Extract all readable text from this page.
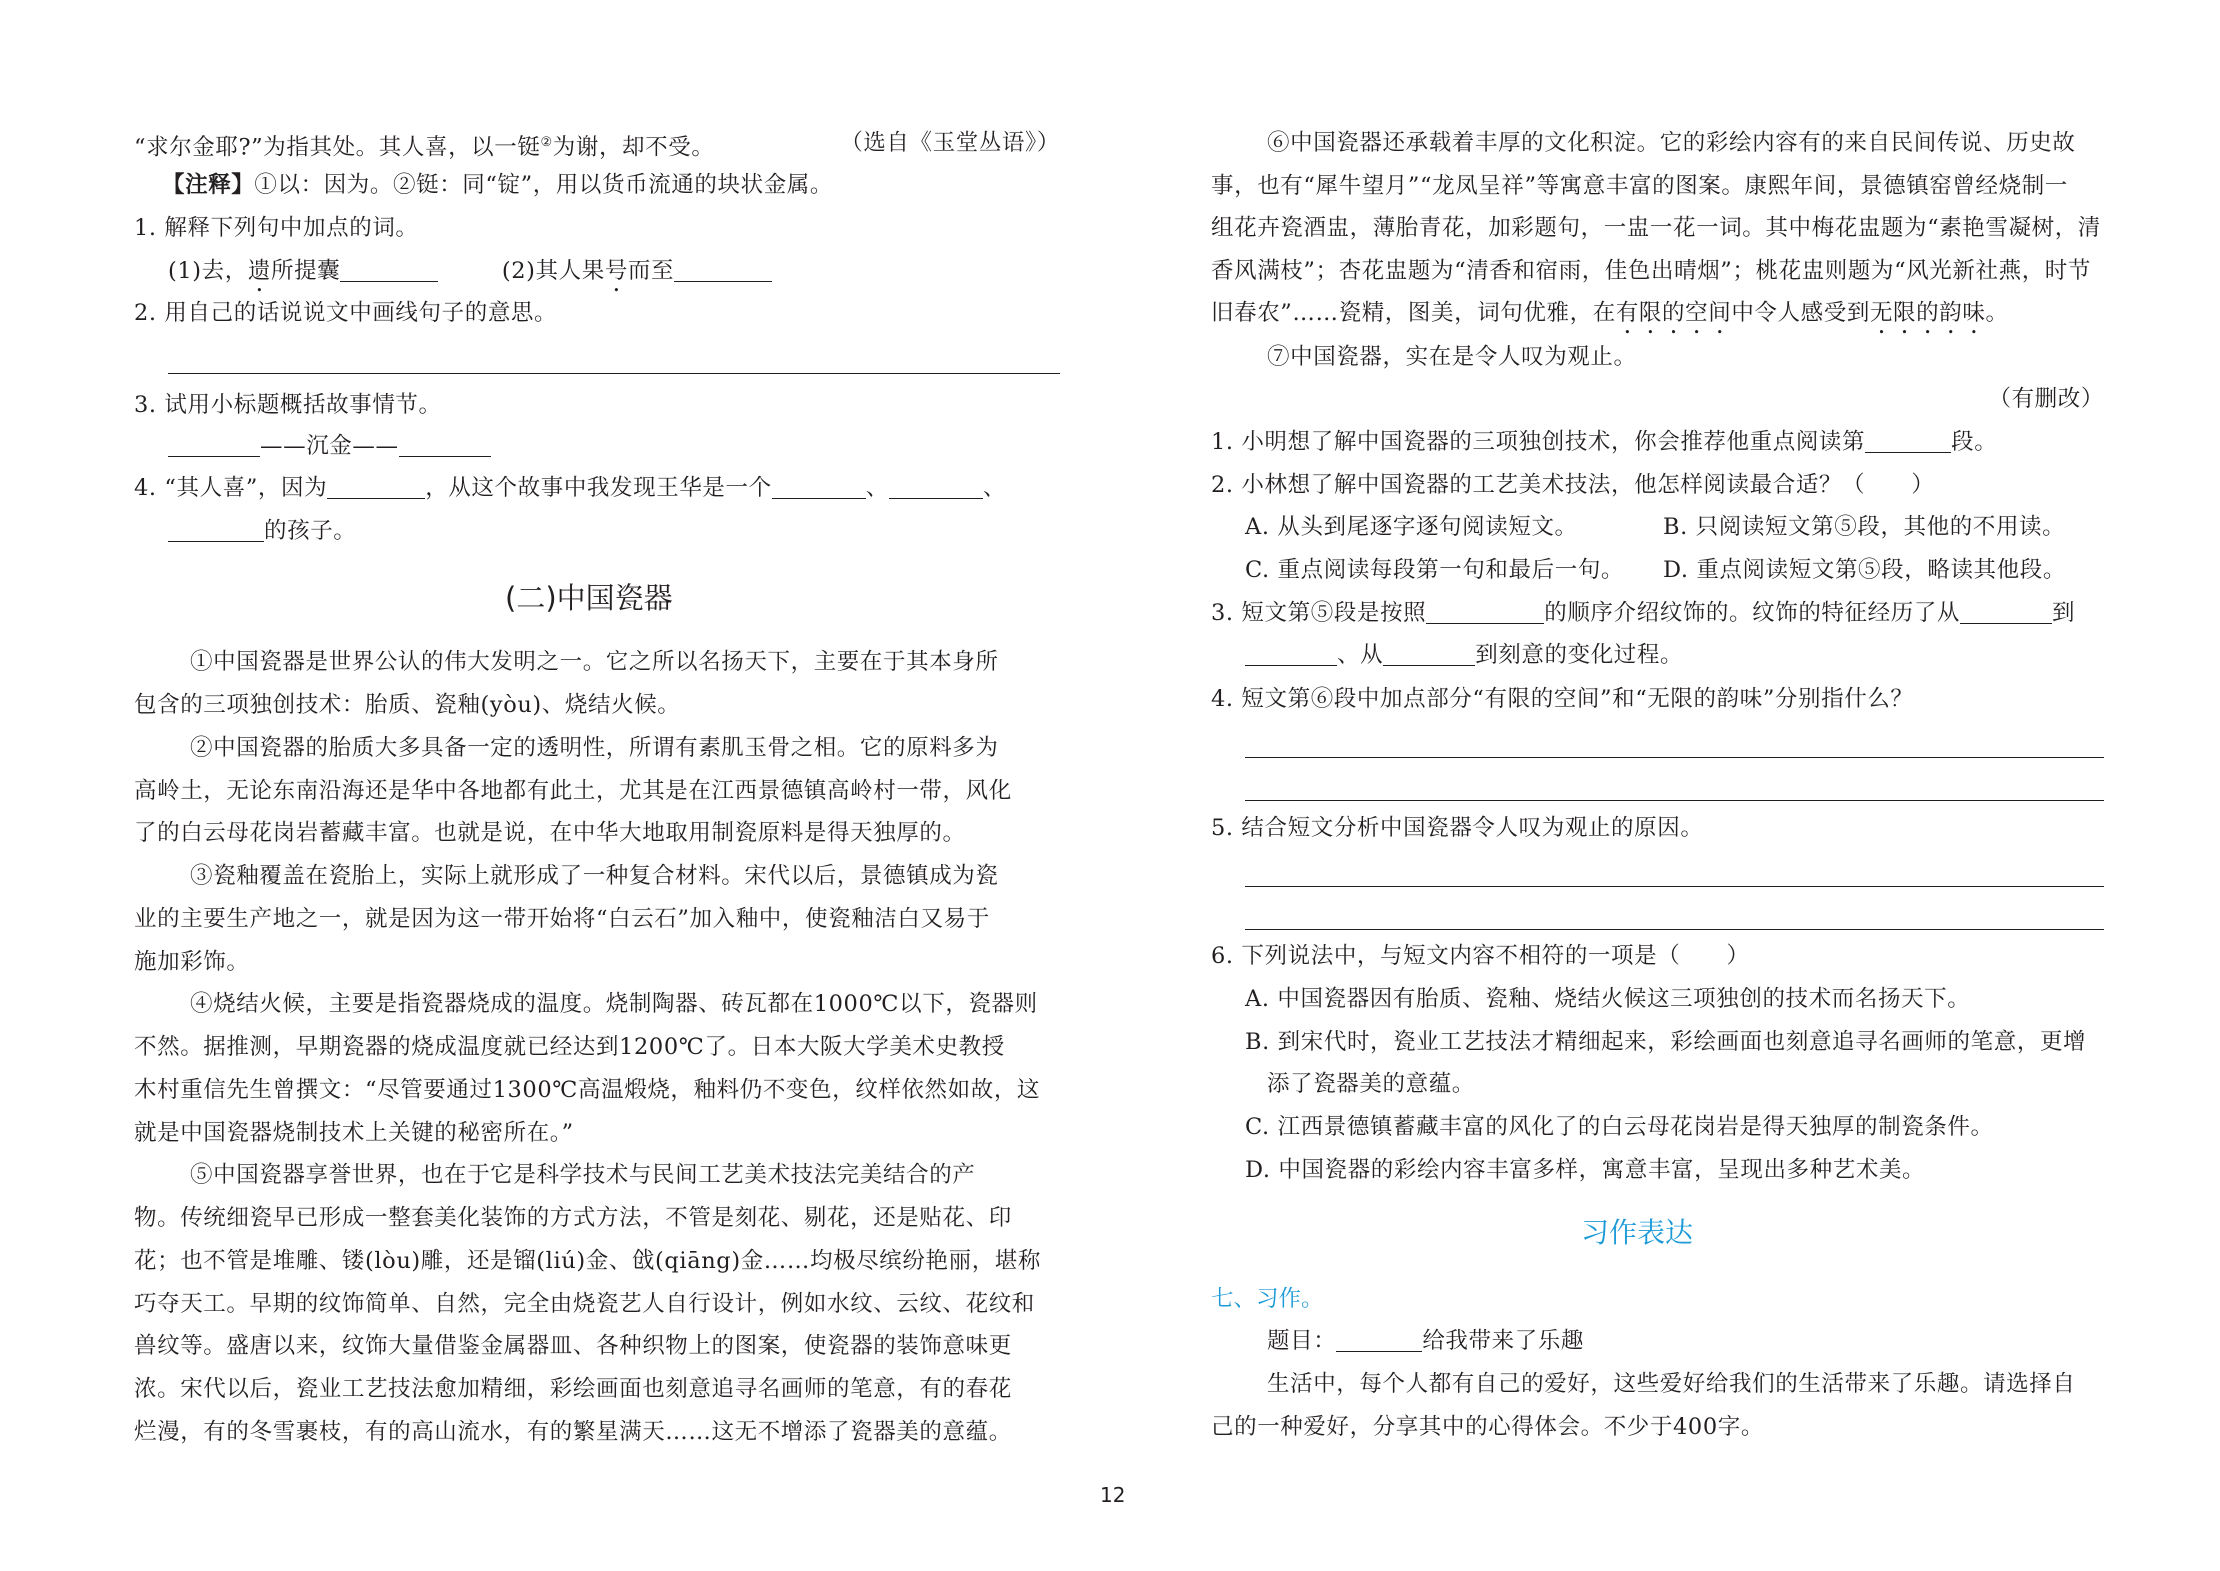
“求尔金耶?”为指其处。其人喜，以一铤②为谢，却不受。	（选自《玉堂丛语》）
【注释】①以：因为。②铤：同“锭”，用以货币流通的块状金属。
1. 解释下列句中加点的词。
(1)去，遗所提囊	(2)其人果号而至
2. 用自己的话说说文中画线句子的意思。
3. 试用小标题概括故事情节。
——沉金——
4. “其人喜”，因为	，从这个故事中我发现王华是一个	、	、
的孩子。
(二)中国瓷器
①中国瓷器是世界公认的伟大发明之一。它之所以名扬天下，主要在于其本身所
包含的三项独创技术：胎质、瓷釉(yòu)、烧结火候。
②中国瓷器的胎质大多具备一定的透明性，所谓有素肌玉骨之相。它的原料多为
高岭土，无论东南沿海还是华中各地都有此土，尤其是在江西景德镇高岭村一带，风化
了的白云母花岗岩蓄藏丰富。也就是说，在中华大地取用制瓷原料是得天独厚的。
③瓷釉覆盖在瓷胎上，实际上就形成了一种复合材料。宋代以后，景德镇成为瓷
业的主要生产地之一，就是因为这一带开始将“白云石”加入釉中，使瓷釉洁白又易于
施加彩饰。
④烧结火候，主要是指瓷器烧成的温度。烧制陶器、砖瓦都在1000℃以下，瓷器则
不然。据推测，早期瓷器的烧成温度就已经达到1200℃了。日本大阪大学美术史教授
木村重信先生曾撰文：“尽管要通过1300℃高温煅烧，釉料仍不变色，纹样依然如故，这
就是中国瓷器烧制技术上关键的秘密所在。”
⑤中国瓷器享誉世界，也在于它是科学技术与民间工艺美术技法完美结合的产
物。传统细瓷早已形成一整套美化装饰的方式方法，不管是刻花、剔花，还是贴花、印
花；也不管是堆雕、镂(lòu)雕，还是镏(liú)金、戗(qiāng)金……均极尽缤纷艳丽，堪称
巧夺天工。早期的纹饰简单、自然，完全由烧瓷艺人自行设计，例如水纹、云纹、花纹和
兽纹等。盛唐以来，纹饰大量借鉴金属器皿、各种织物上的图案，使瓷器的装饰意味更
浓。宋代以后，瓷业工艺技法愈加精细，彩绘画面也刻意追寻名画师的笔意，有的春花
烂漫，有的冬雪裹枝，有的高山流水，有的繁星满天……这无不增添了瓷器美的意蕴。
⑥中国瓷器还承载着丰厚的文化积淀。它的彩绘内容有的来自民间传说、历史故
事，也有“犀牛望月”“龙凤呈祥”等寓意丰富的图案。康熙年间，景德镇窑曾经烧制一
组花卉瓷酒盅，薄胎青花，加彩题句，一盅一花一词。其中梅花盅题为“素艳雪凝树，清
香风满枝”；杏花盅题为“清香和宿雨，佳色出晴烟”；桃花盅则题为“风光新社燕，时节
旧春农”……瓷精，图美，词句优雅，在有限的空间中令人感受到无限的韵味。
⑦中国瓷器，实在是令人叹为观止。
（有删改）
1. 小明想了解中国瓷器的三项独创技术，你会推荐他重点阅读第	段。
2. 小林想了解中国瓷器的工艺美术技法，他怎样阅读最合适？（　　）
A. 从头到尾逐字逐句阅读短文。	B. 只阅读短文第⑤段，其他的不用读。
C. 重点阅读每段第一句和最后一句。 D. 重点阅读短文第⑤段，略读其他段。
3. 短文第⑤段是按照	的顺序介绍纹饰的。纹饰的特征经历了从	到
、从	到刻意的变化过程。
4. 短文第⑥段中加点部分“有限的空间”和“无限的韵味”分别指什么？
5. 结合短文分析中国瓷器令人叹为观止的原因。
6. 下列说法中，与短文内容不相符的一项是（　　）
A. 中国瓷器因有胎质、瓷釉、烧结火候这三项独创的技术而名扬天下。
B. 到宋代时，瓷业工艺技法才精细起来，彩绘画面也刻意追寻名画师的笔意，更增
添了瓷器美的意蕴。
C. 江西景德镇蓄藏丰富的风化了的白云母花岗岩是得天独厚的制瓷条件。
D. 中国瓷器的彩绘内容丰富多样，寓意丰富，呈现出多种艺术美。
习作表达
七、习作。
题目：	给我带来了乐趣
生活中，每个人都有自己的爱好，这些爱好给我们的生活带来了乐趣。请选择自
己的一种爱好，分享其中的心得体会。不少于400字。
12
